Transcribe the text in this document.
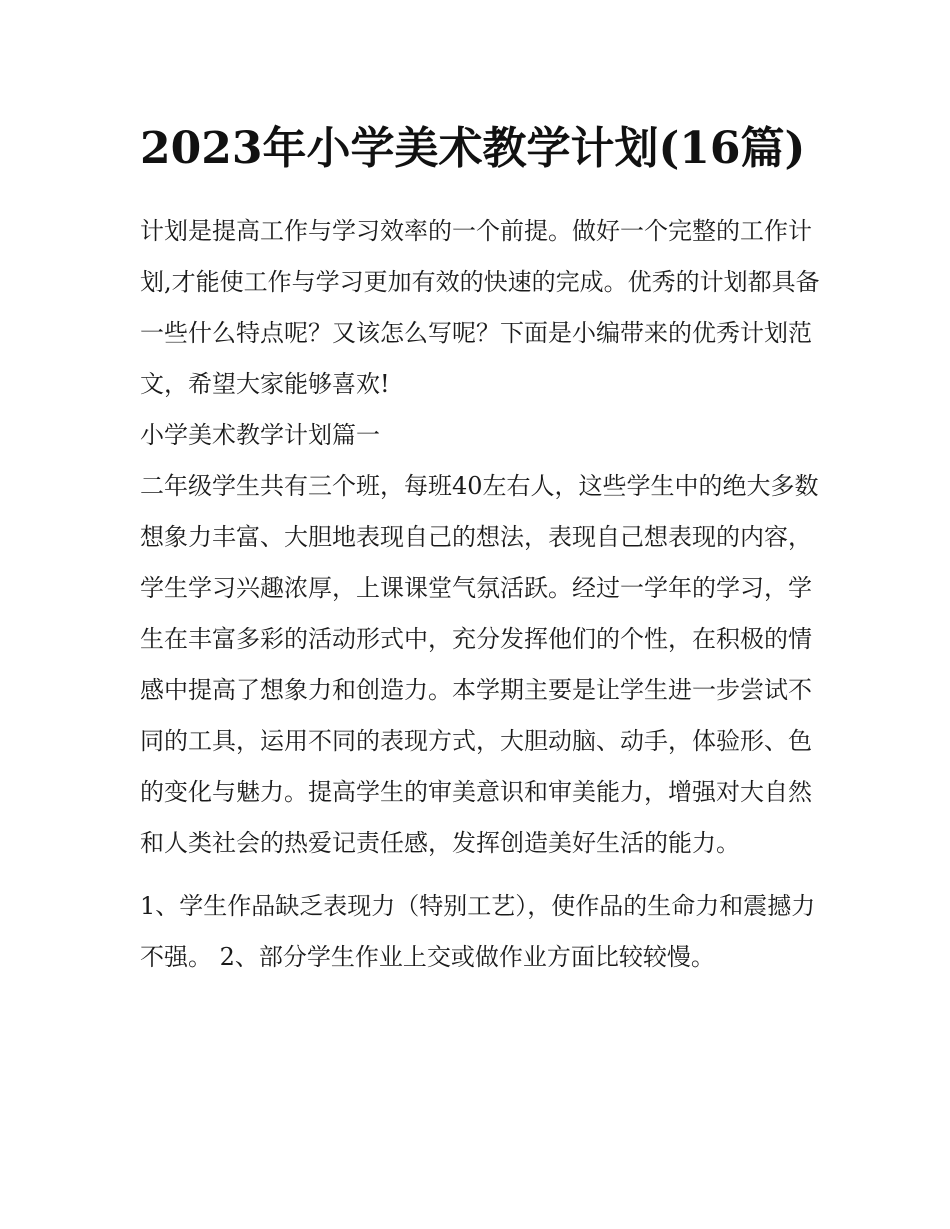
2023年小学美术教学计划(16篇)

计划是提高工作与学习效率的一个前提。做好一个完整的工作计划,才能使工作与学习更加有效的快速的完成。优秀的计划都具备一些什么特点呢？又该怎么写呢？下面是小编带来的优秀计划范文，希望大家能够喜欢!

小学美术教学计划篇一

二年级学生共有三个班，每班40左右人，这些学生中的绝大多数想象力丰富、大胆地表现自己的想法，表现自己想表现的内容，学生学习兴趣浓厚，上课课堂气氛活跃。经过一学年的学习，学生在丰富多彩的活动形式中，充分发挥他们的个性，在积极的情感中提高了想象力和创造力。本学期主要是让学生进一步尝试不同的工具，运用不同的表现方式，大胆动脑、动手，体验形、色的变化与魅力。提高学生的审美意识和审美能力，增强对大自然和人类社会的热爱记责任感，发挥创造美好生活的能力。

1、学生作品缺乏表现力（特别工艺），使作品的生命力和震撼力不强。 2、部分学生作业上交或做作业方面比较较慢。
